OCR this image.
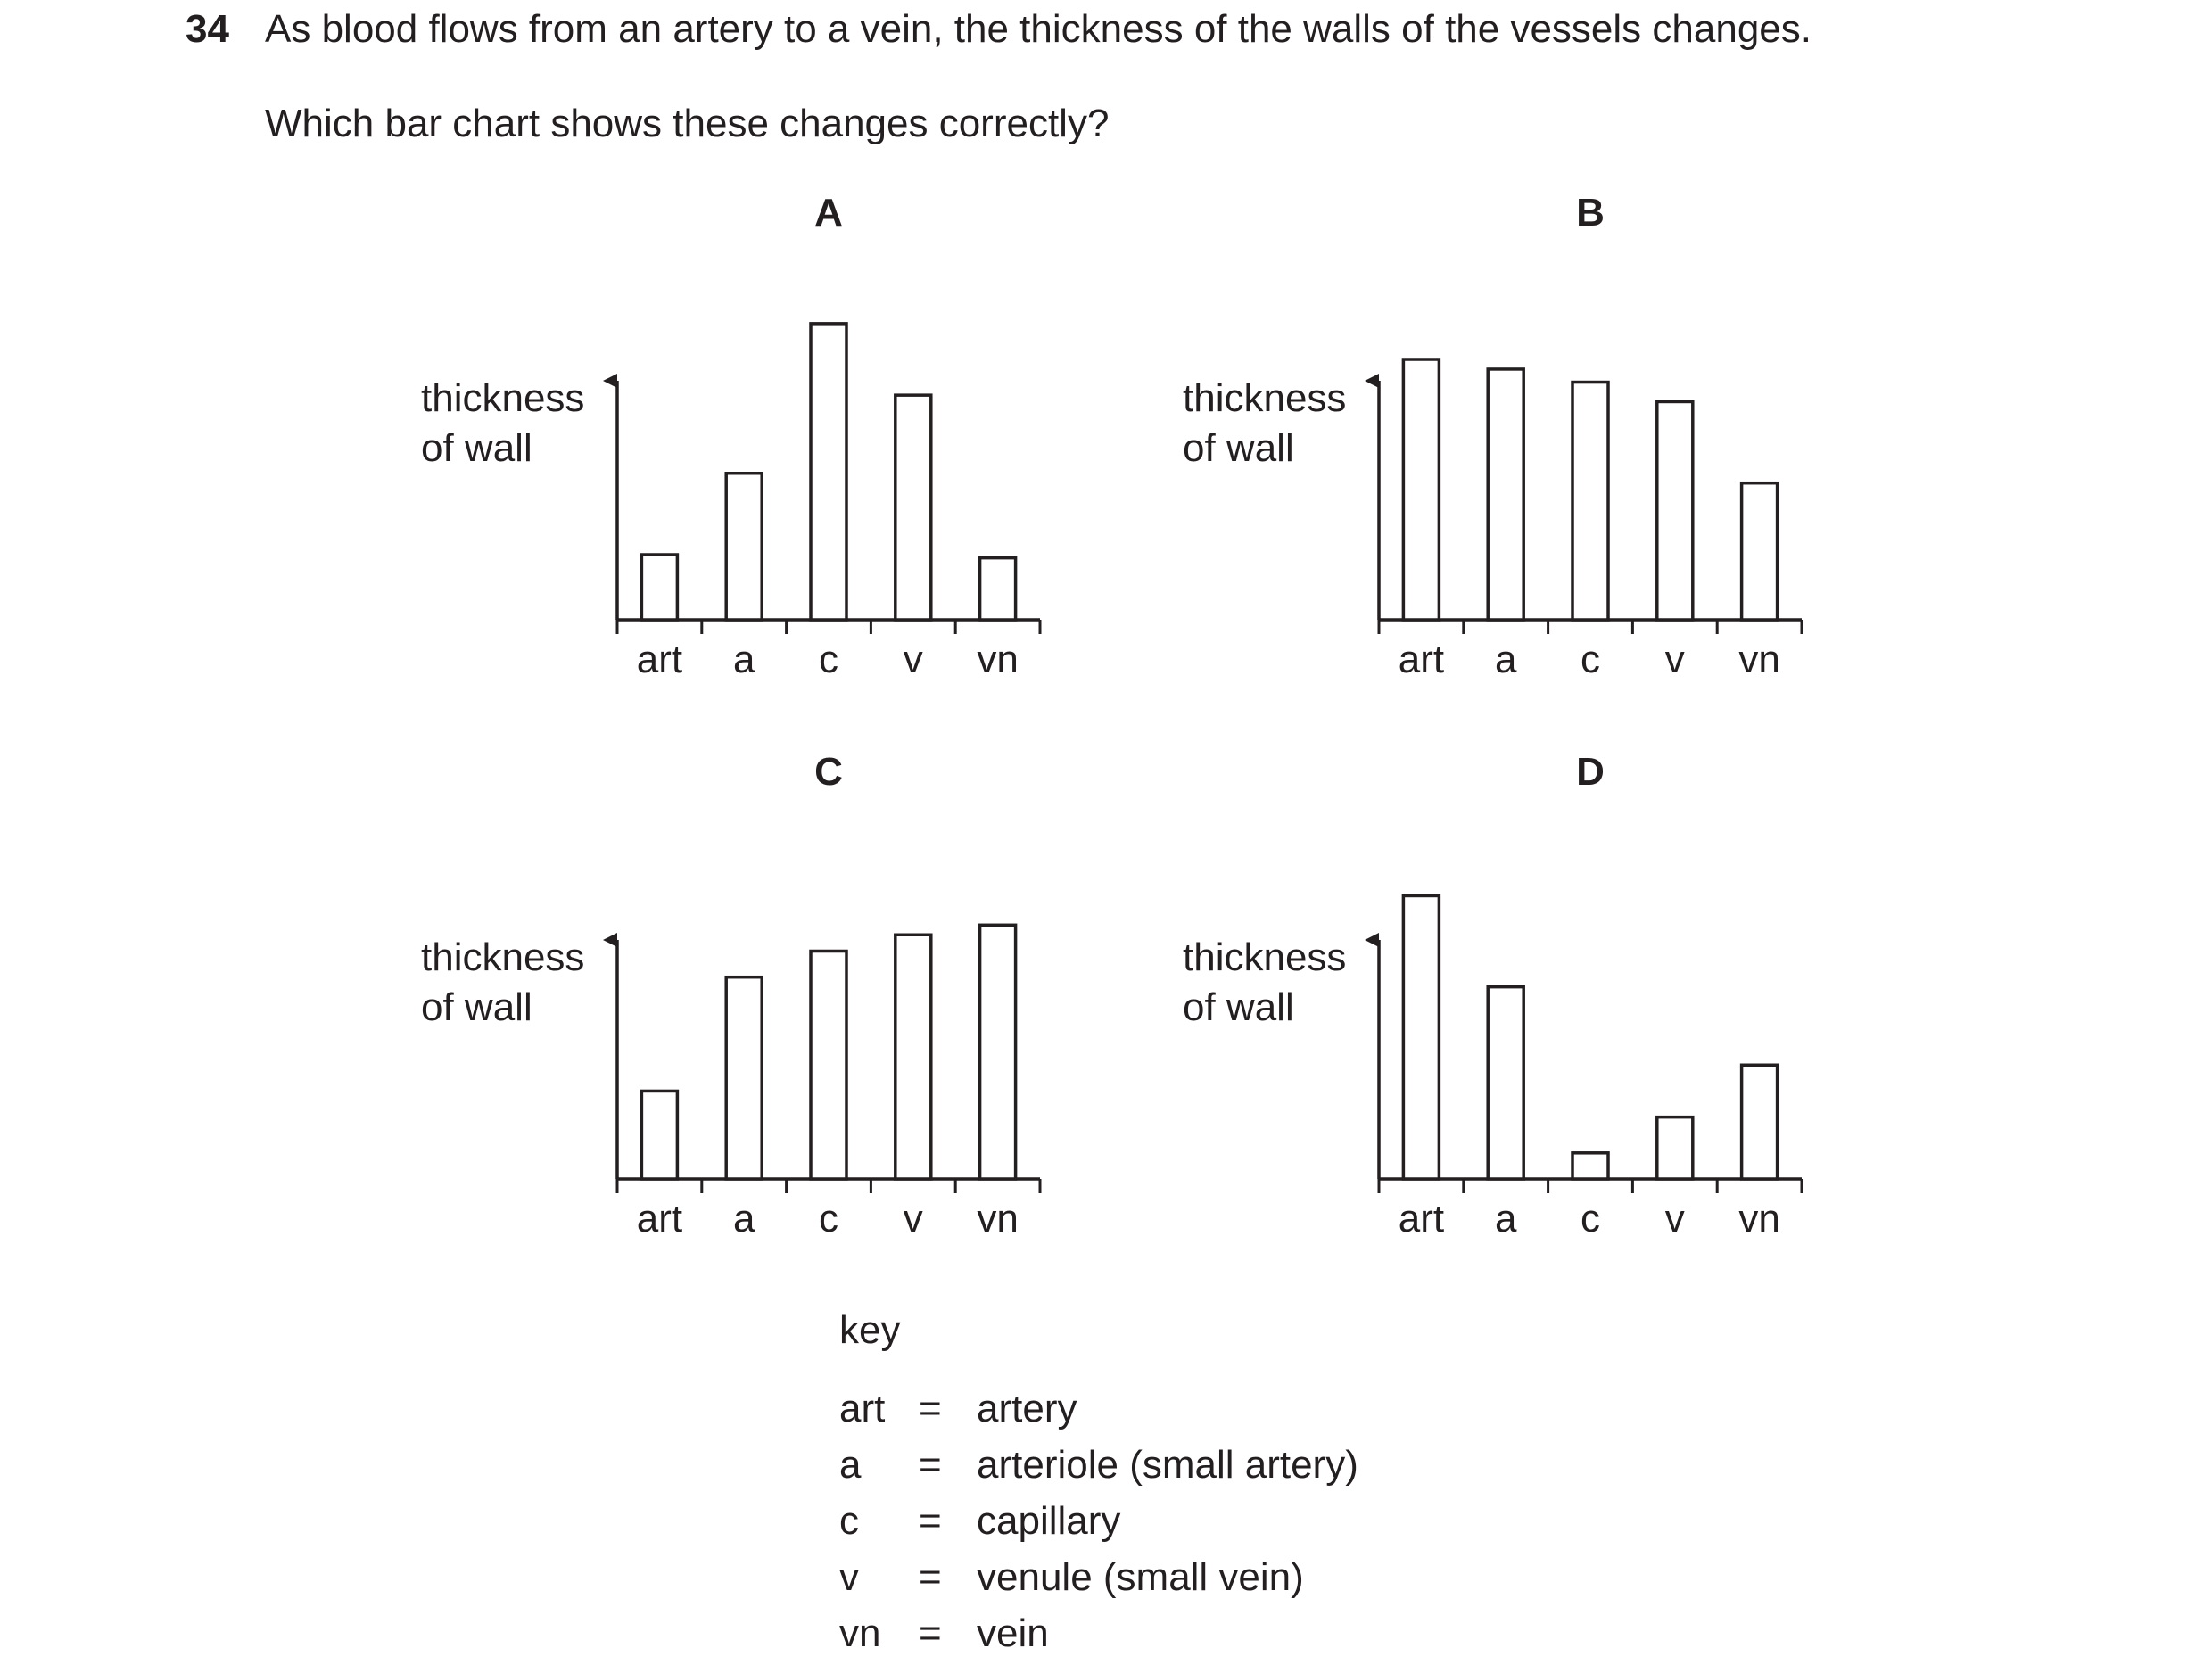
34 As blood flows from an artery to a vein, the thickness of the walls of the vessels changes.
Which bar chart shows these changes correctly?
A
thickness
of wall
art a c v vn
B
thickness
of wall
art a c v vn
C
thickness
of wall
art a c v vn
D
thickness
of wall
art a c v vn
key
art = artery
a = arteriole (small artery)
c = capillary
v = venule (small vein)
vn = vein
